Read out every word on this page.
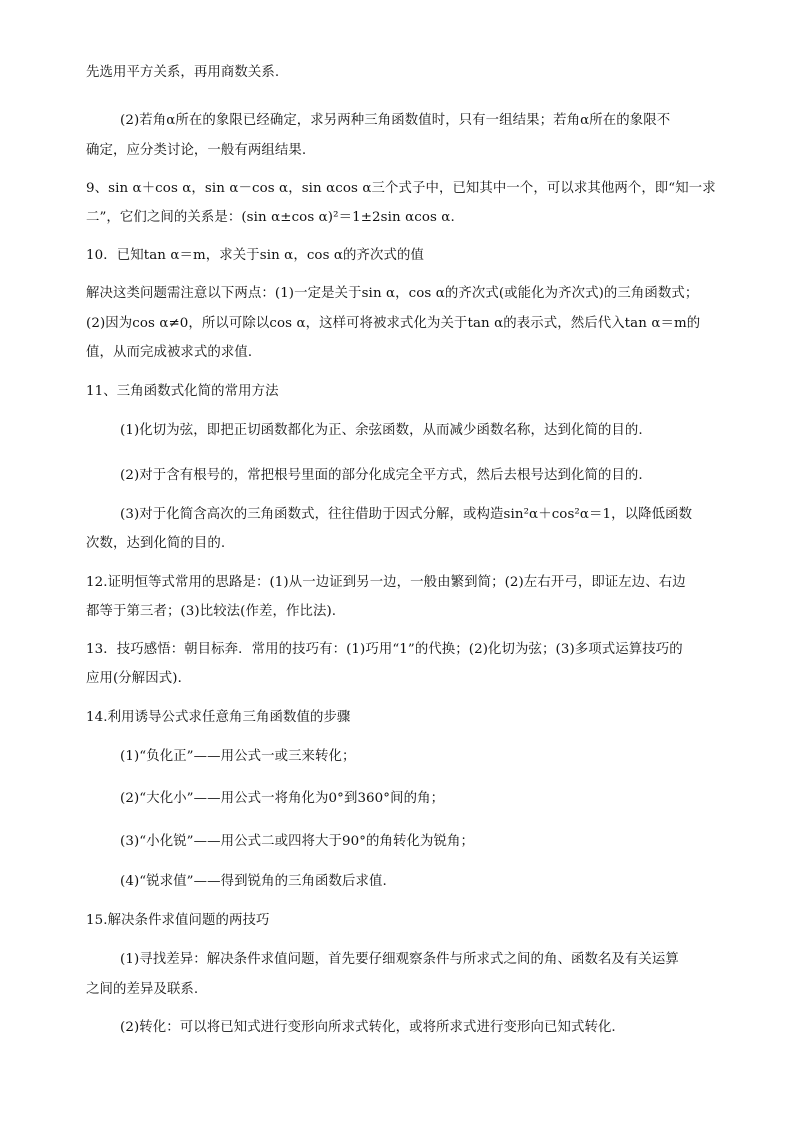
先选用平方关系，再用商数关系.
(2)若角α所在的象限已经确定，求另两种三角函数值时，只有一组结果；若角α所在的象限不
确定，应分类讨论，一般有两组结果.
9、sin α＋cos α，sin α－cos α，sin αcos α三个式子中，已知其中一个，可以求其他两个，即“知一求
二”，它们之间的关系是：(sin α±cos α)²＝1±2sin αcos α.
10．已知tan α＝m，求关于sin α，cos α的齐次式的值
解决这类问题需注意以下两点：(1)一定是关于sin α，cos α的齐次式(或能化为齐次式)的三角函数式；
(2)因为cos α≠0，所以可除以cos α，这样可将被求式化为关于tan α的表示式，然后代入tan α＝m的
值，从而完成被求式的求值．
11、三角函数式化简的常用方法
(1)化切为弦，即把正切函数都化为正、余弦函数，从而减少函数名称，达到化简的目的.
(2)对于含有根号的，常把根号里面的部分化成完全平方式，然后去根号达到化简的目的.
(3)对于化简含高次的三角函数式，往往借助于因式分解，或构造sin²α＋cos²α＝1，以降低函数
次数，达到化简的目的.
12.证明恒等式常用的思路是：(1)从一边证到另一边，一般由繁到简；(2)左右开弓，即证左边、右边
都等于第三者；(3)比较法(作差，作比法).
13．技巧感悟：朝目标奔．常用的技巧有：(1)巧用“1”的代换；(2)化切为弦；(3)多项式运算技巧的
应用(分解因式)．
14.利用诱导公式求任意角三角函数值的步骤
(1)“负化正”——用公式一或三来转化；
(2)“大化小”——用公式一将角化为0°到360°间的角；
(3)“小化锐”——用公式二或四将大于90°的角转化为锐角；
(4)“锐求值”——得到锐角的三角函数后求值.
15.解决条件求值问题的两技巧
(1)寻找差异：解决条件求值问题，首先要仔细观察条件与所求式之间的角、函数名及有关运算
之间的差异及联系.
(2)转化：可以将已知式进行变形向所求式转化，或将所求式进行变形向已知式转化.
